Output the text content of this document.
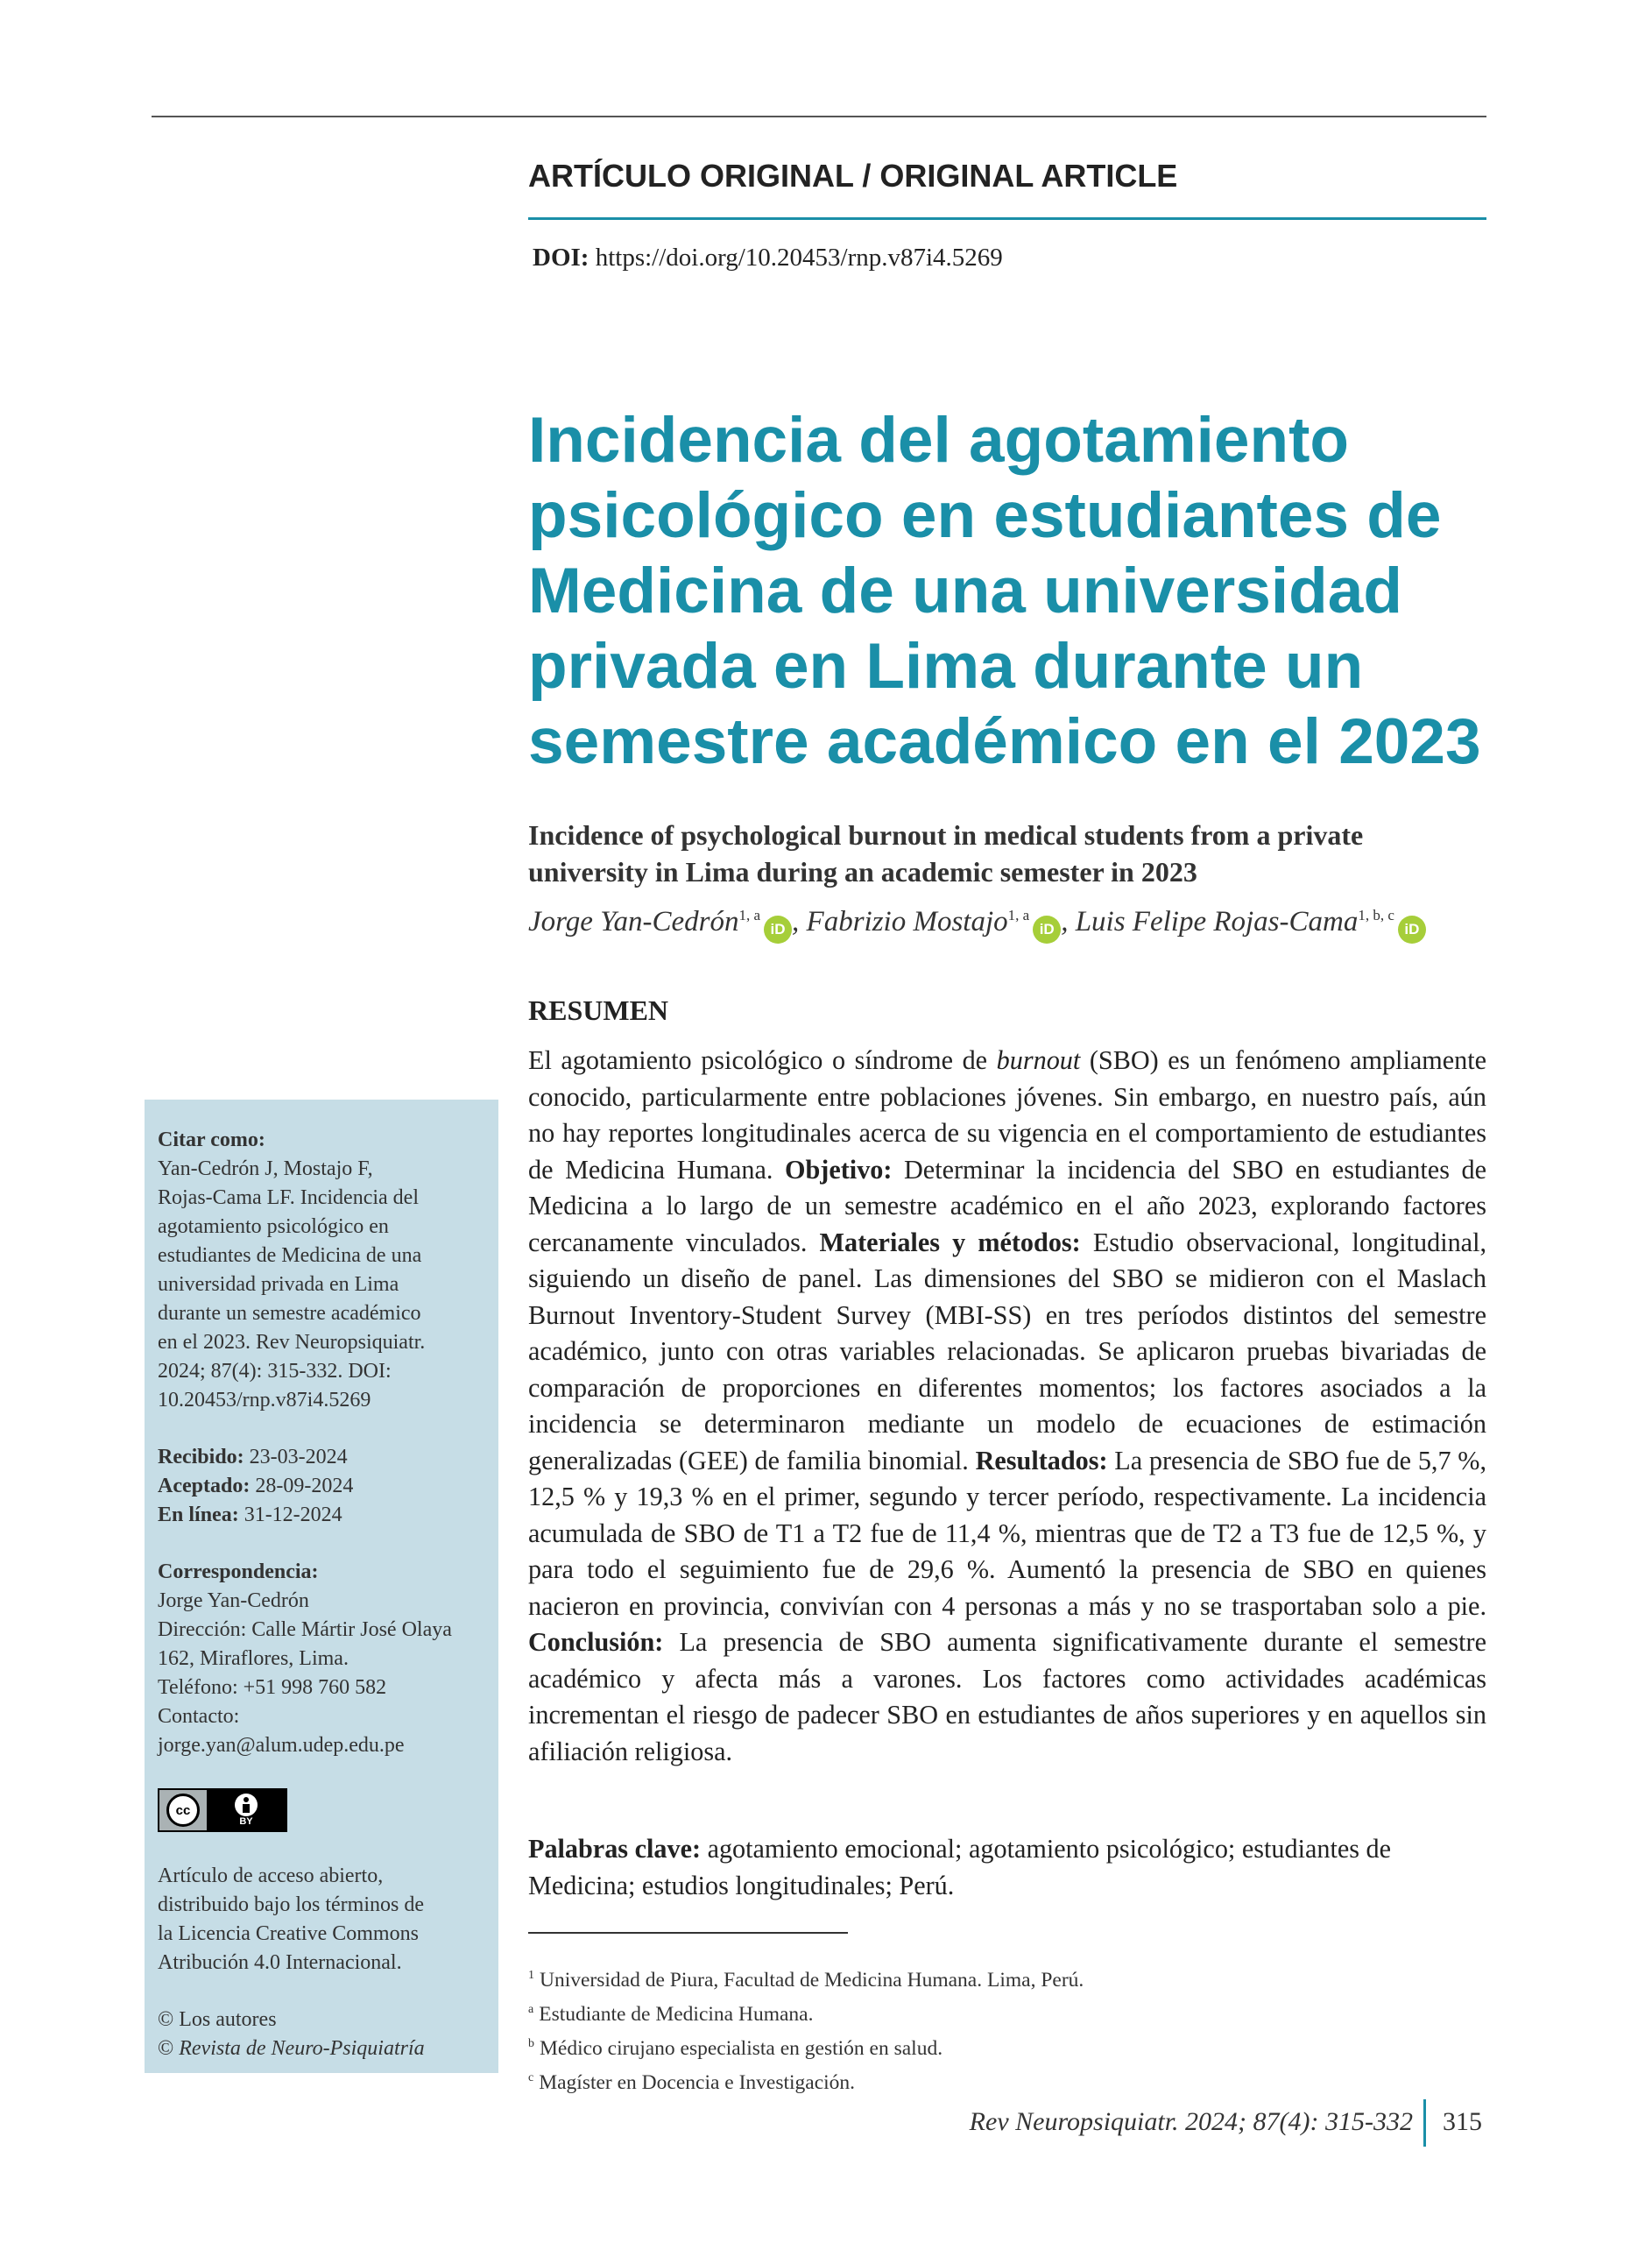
ARTÍCULO ORIGINAL / ORIGINAL ARTICLE
DOI: https://doi.org/10.20453/rnp.v87i4.5269
Incidencia del agotamiento
psicológico en estudiantes de
Medicina de una universidad
privada en Lima durante un
semestre académico en el 2023
Incidence of psychological burnout in medical students from a private
university in Lima during an academic semester in 2023
Jorge Yan-Cedrón$^{1, a}$iD , Fabrizio Mostajo$^{1, a}$iD , Luis Felipe Rojas-Cama$^{1, b, c}$iD
RESUMEN

El agotamiento psicológico o síndrome de burnout (SBO) es un fenómeno ampliamente conocido, particularmente entre poblaciones jóvenes. Sin embargo, en nuestro país, aún no hay reportes longitudinales acerca de su vigencia en el comportamiento de estudiantes de Medicina Humana. Objetivo: Determinar la incidencia del SBO en estudiantes de Medicina a lo largo de un semestre académico en el año 2023, explorando factores cercanamente vinculados. Materiales y métodos: Estudio observacional, longitudinal, siguiendo un diseño de panel. Las dimensiones del SBO se midieron con el Maslach Burnout Inventory-Student Survey (MBI-SS) en tres períodos distintos del semestre académico, junto con otras variables relacionadas. Se aplicaron pruebas bivariadas de comparación de proporciones en diferentes momentos; los factores asociados a la incidencia se determinaron mediante un modelo de ecuaciones de estimación generalizadas (GEE) de familia binomial. Resultados: La presencia de SBO fue de 5,7 %, 12,5 % y 19,3 % en el primer, segundo y tercer período, respectivamente. La incidencia acumulada de SBO de T1 a T2 fue de 11,4 %, mientras que de T2 a T3 fue de 12,5 %, y para todo el seguimiento fue de 29,6 %. Aumentó la presencia de SBO en quienes nacieron en provincia, convivían con 4 personas a más y no se trasportaban solo a pie. Conclusión: La presencia de SBO aumenta significativamente durante el semestre académico y afecta más a varones. Los factores como actividades académicas incrementan el riesgo de padecer SBO en estudiantes de años superiores y en aquellos sin afiliación religiosa.

Palabras clave: agotamiento emocional; agotamiento psicológico; estudiantes de Medicina; estudios longitudinales; Perú.

$^1$ Universidad de Piura, Facultad de Medicina Humana. Lima, Perú.
$^a$ Estudiante de Medicina Humana.
$^b$ Médico cirujano especialista en gestión en salud.
$^c$ Magíster en Docencia e Investigación.
Citar como:
Yan-Cedrón J, Mostajo F,
Rojas-Cama LF. Incidencia del
agotamiento psicológico en
estudiantes de Medicina de una
universidad privada en Lima
durante un semestre académico
en el 2023. Rev Neuropsiquiatr.
2024; 87(4): 315-332. DOI:
10.20453/rnp.v87i4.5269
Recibido: 23-03-2024
Aceptado: 28-09-2024
En línea: 31-12-2024
Correspondencia:
Jorge Yan-Cedrón
Dirección: Calle Mártir José Olaya
162, Miraflores, Lima.
Teléfono: +51 998 760 582
Contacto:
jorge.yan@alum.udep.edu.pe
cc
BY
Artículo de acceso abierto,
distribuido bajo los términos de
la Licencia Creative Commons
Atribución 4.0 Internacional.
© Los autores
© Revista de Neuro-Psiquiatría
Rev Neuropsiquiatr. 2024; 87(4): 315-332 315
